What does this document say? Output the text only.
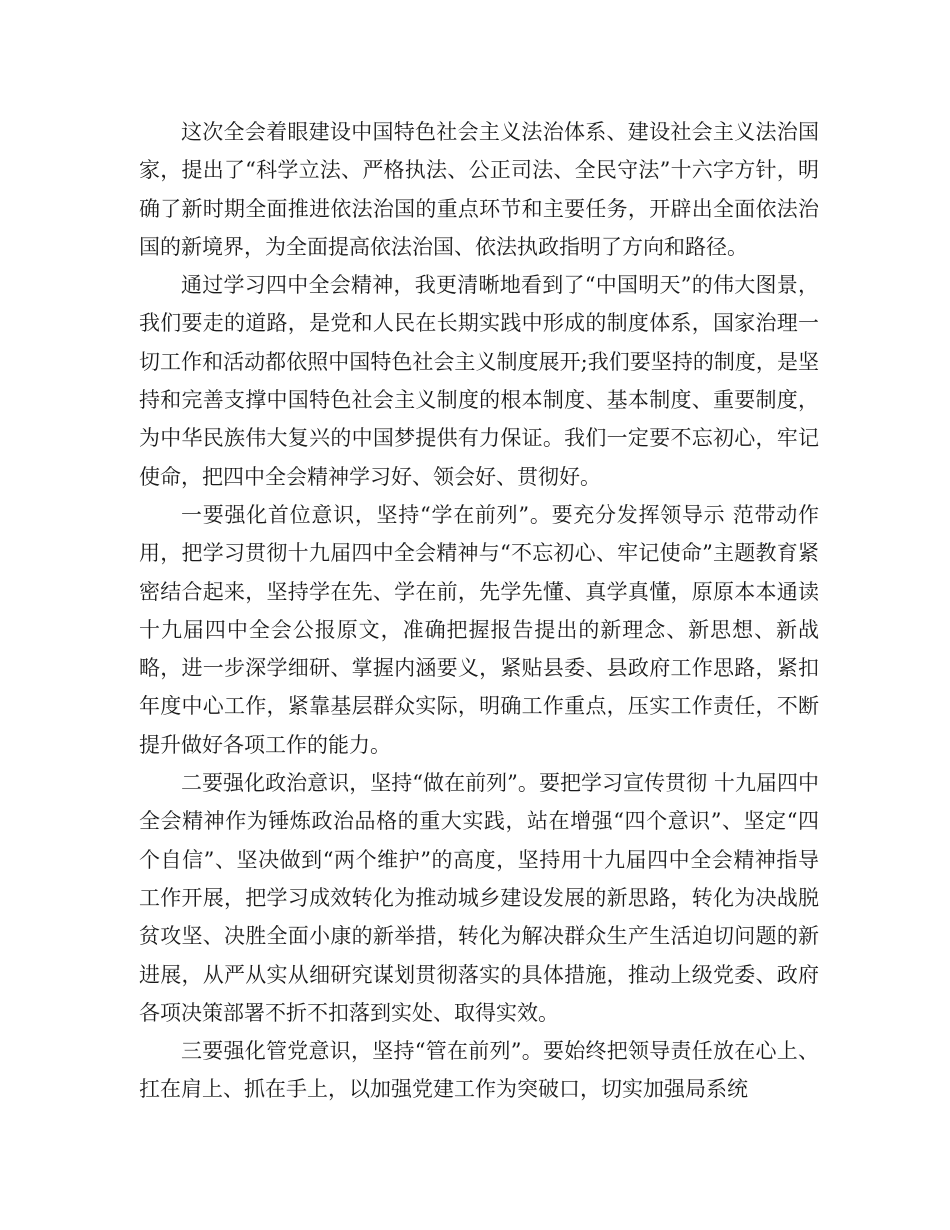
这次全会着眼建设中国特色社会主义法治体系、建设社会主义法治国家，提出了“科学立法、严格执法、公正司法、全民守法”十六字方针，明确了新时期全面推进依法治国的重点环节和主要任务，开辟出全面依法治国的新境界，为全面提高依法治国、依法执政指明了方向和路径。

通过学习四中全会精神，我更清晰地看到了“中国明天”的伟大图景，我们要走的道路，是党和人民在长期实践中形成的制度体系，国家治理一切工作和活动都依照中国特色社会主义制度展开;我们要坚持的制度，是坚持和完善支撑中国特色社会主义制度的根本制度、基本制度、重要制度，为中华民族伟大复兴的中国梦提供有力保证。我们一定要不忘初心，牢记使命，把四中全会精神学习好、领会好、贯彻好。

一要强化首位意识，坚持“学在前列”。要充分发挥领导示 范带动作用，把学习贯彻十九届四中全会精神与“不忘初心、牢记使命”主题教育紧密结合起来，坚持学在先、学在前，先学先懂、真学真懂，原原本本通读十九届四中全会公报原文，准确把握报告提出的新理念、新思想、新战略，进一步深学细研、掌握内涵要义，紧贴县委、县政府工作思路，紧扣年度中心工作，紧靠基层群众实际，明确工作重点，压实工作责任，不断提升做好各项工作的能力。

二要强化政治意识，坚持“做在前列”。要把学习宣传贯彻 十九届四中全会精神作为锤炼政治品格的重大实践，站在增强“四个意识”、坚定“四个自信”、坚决做到“两个维护”的高度，坚持用十九届四中全会精神指导工作开展，把学习成效转化为推动城乡建设发展的新思路，转化为决战脱贫攻坚、决胜全面小康的新举措，转化为解决群众生产生活迫切问题的新进展，从严从实从细研究谋划贯彻落实的具体措施，推动上级党委、政府各项决策部署不折不扣落到实处、取得实效。

三要强化管党意识，坚持“管在前列”。要始终把领导责任放在心上、扛在肩上、抓在手上，以加强党建工作为突破口，切实加强局系统
